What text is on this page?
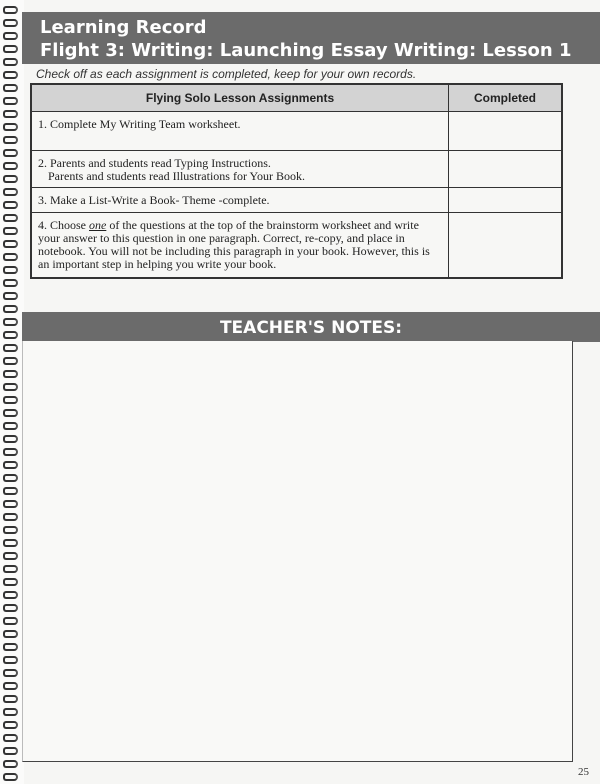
Learning Record
Flight 3: Writing: Launching Essay Writing: Lesson 1
Check off as each assignment is completed, keep for your own records.
Flying Solo Lesson Assignments	Completed
1. Complete My Writing Team worksheet.	

2. Parents and students read Typing Instructions.
Parents and students read Illustrations for Your Book.	

3. Make a List-Write a Book- Theme -complete.	
4. Choose one of the questions at the top of the brainstorm worksheet and write your answer to this question in one paragraph. Correct, re-copy, and place in notebook. You will not be including this paragraph in your book. However, this is an important step in helping you write your book.	
TEACHER'S NOTES:
25
